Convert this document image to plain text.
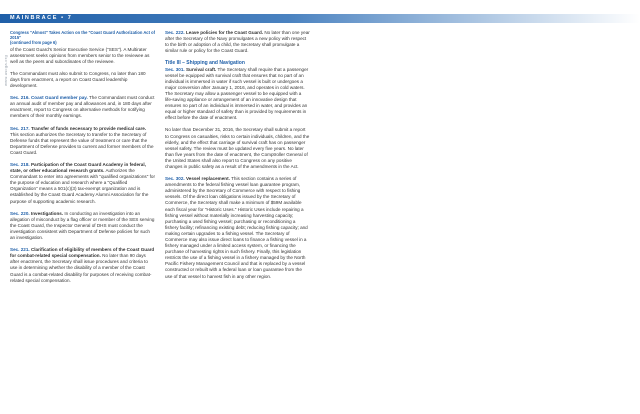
MAINBRACE • 7
www.uscga.org
Congress "Almost" Takes Action on the "Coast Guard Authorization Act of 2015"
(continued from page 6)

of the Coast Guard's Senior Executive Service ("SES"). A Multirater assessment seeks opinions from members senior to the reviewee as well as the peers and subordinates of the reviewee.

The Commandant must also submit to Congress, no later than 180 days from enactment, a report on Coast Guard leadership development.

Sec. 216. Coast Guard member pay. The Commandant must conduct an annual audit of member pay and allowances and, in 180 days after enactment, report to Congress on alternative methods for notifying members of their monthly earnings.

Sec. 217. Transfer of funds necessary to provide medical care. This section authorizes the Secretary to transfer to the Secretary of Defense funds that represent the value of treatment or care that the Department of Defense provides to current and former members of the Coast Guard.

Sec. 218. Participation of the Coast Guard Academy in federal, state, or other educational research grants. Authorizes the Commandant to enter into agreements with "qualified organizations" for the purpose of education and research where a "Qualified Organization" means a 501(c)(3) tax-exempt organization and is established by the Coast Guard Academy Alumni Association for the purpose of supporting academic research.

Sec. 220. Investigations. In conducting an investigation into an allegation of misconduct by a flag officer or member of the SES serving the Coast Guard, the Inspector General of DHS must conduct the investigation consistent with Department of Defense policies for such an investigation.

Sec. 221. Clarification of eligibility of members of the Coast Guard for combat-related special compensation. No later than 90 days after enactment, the Secretary shall issue procedures and criteria to use in determining whether the disability of a member of the Coast Guard is a combat-related disability for purposes of receiving combat-related special compensation.

Sec. 222. Leave policies for the Coast Guard. No later than one year after the Secretary of the Navy promulgates a new policy with respect to the birth or adoption of a child, the Secretary shall promulgate a similar rule or policy for the Coast Guard.

Title III – Shipping and Navigation

Sec. 301. Survival craft. The Secretary shall require that a passenger vessel be equipped with survival craft that ensures that no part of an individual is immersed in water if such vessel is built or undergoes a major conversion after January 1, 2016, and operates in cold waters. The Secretary may allow a passenger vessel to be equipped with a life-saving appliance or arrangement of an innovative design that ensures no part of an individual is immersed in water, and provides an equal or higher standard of safety than is provided by requirements in effect before the date of enactment.

No later than December 31, 2016, the Secretary shall submit a report to Congress on casualties, risks to certain individuals, children, and the elderly, and the effect that carriage of survival craft has on passenger vessel safety. The review must be updated every five years. No later than five years from the date of enactment, the Comptroller General of the United States shall also report to Congress on any positive changes in public safety as a result of the amendments in the Act.

Sec. 302. Vessel replacement. This section contains a series of amendments to the federal fishing vessel loan guarantee program, administered by the Secretary of Commerce with respect to fishing vessels. Of the direct loan obligations issued by the Secretary of Commerce, the Secretary shall make a minimum of $59M available each fiscal year for "Historic Uses." Historic Uses include repairing a fishing vessel without materially increasing harvesting capacity; purchasing a used fishing vessel; purchasing or reconditioning a fishery facility; refinancing existing debt; reducing fishing capacity; and making certain upgrades to a fishing vessel. The Secretary of Commerce may also issue direct loans to finance a fishing vessel in a fishery managed under a limited access system, or financing the purchase of harvesting rights in such fishery. Finally, this legislation restricts the use of a fishing vessel in a fishery managed by the North Pacific Fishery Management Council and that is replaced by a vessel constructed or rebuilt with a federal loan or loan guarantee from the use of that vessel to harvest fish in any other region.
